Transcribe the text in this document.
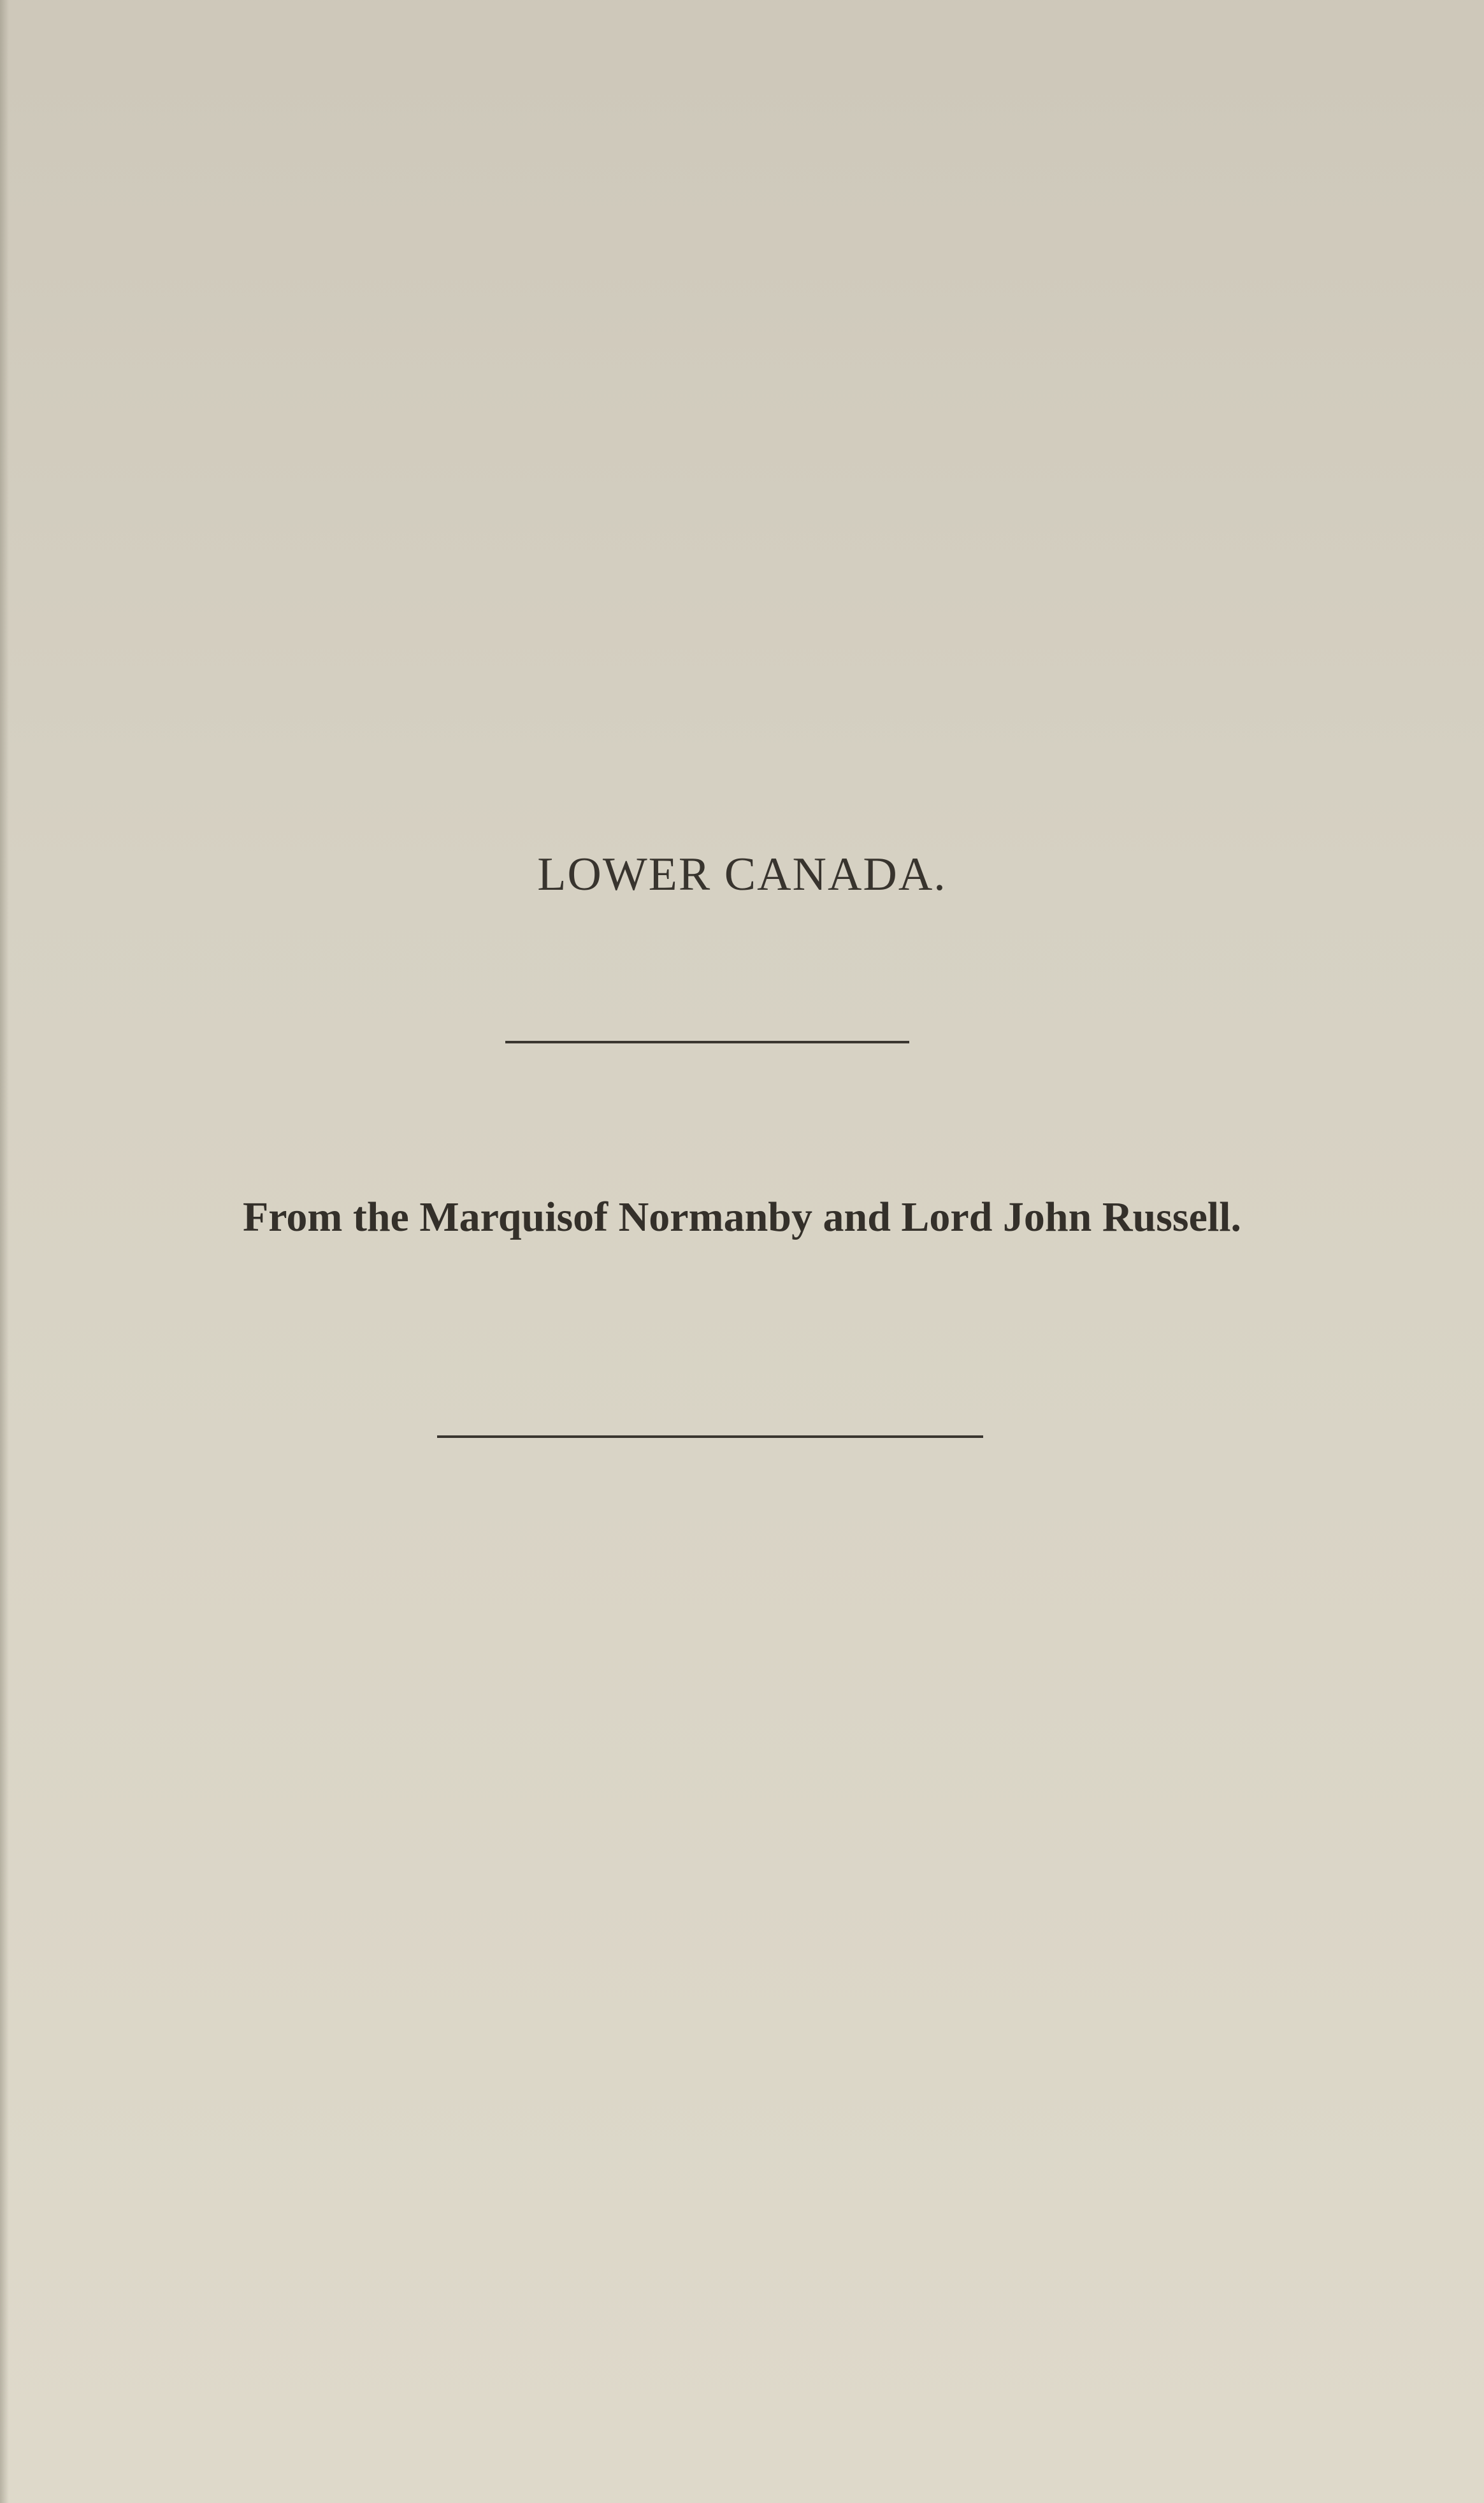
LOWER CANADA.
From the Marquisof Normanby and Lord John Russell.
